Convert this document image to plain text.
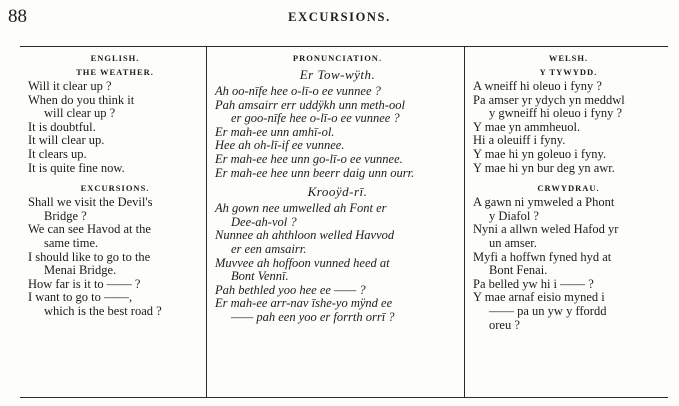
88	EXCURSIONS.
ENGLISH.
THE WEATHER.
Will it clear up ?
When do you think it
will clear up ?
It is doubtful.
It will clear up.
It clears up.
It is quite fine now.
EXCURSIONS.
Shall we visit the Devil's
Bridge ?
We can see Havod at the
same time.
I should like to go to the
Menai Bridge.
How far is it to —— ?
I want to go to ——,
which is the best road ?
PRONUNCIATION.
Er Tow-wÿth.
Ah oo-nīfe hee o-lī-o ee vunnee ?
Pah amsairr err uddÿkh unn meth-ool
er goo-nīfe hee o-lī-o ee vunnee ?
Er mah-ee unn amhī-ol.
Hee ah oh-lī-if ee vunnee.
Er mah-ee hee unn go-lī-o ee vunnee.
Er mah-ee hee unn beerr daig unn ourr.
Krooÿd-rī.
Ah gown nee umwelled ah Font er
Dee-ah-vol ?
Nunnee ah ahthloon welled Havvod
er een amsairr.
Muvvee ah hoffoon vunned heed at
Bont Vennī.
Pah bethled yoo hee ee —— ?
Er mah-ee arr-nav īshe-yo mÿnd ee
—— pah een yoo er forrth orrī ?
WELSH.
Y TYWYDD.
A wneiff hi oleuo i fyny ?
Pa amser yr ydych yn meddwl
y gwneiff hi oleuo i fyny ?
Y mae yn ammheuol.
Hi a oleuiff i fyny.
Y mae hi yn goleuo i fyny.
Y mae hi yn bur deg yn awr.
CRWYDRAU.
A gawn ni ymweled a Phont
y Diafol ?
Nyni a allwn weled Hafod yr
un amser.
Myfi a hoffwn fyned hyd at
Bont Fenai.
Pa belled yw hi i —— ?
Y mae arnaf eisio myned i
—— pa un yw y ffordd
oreu ?
